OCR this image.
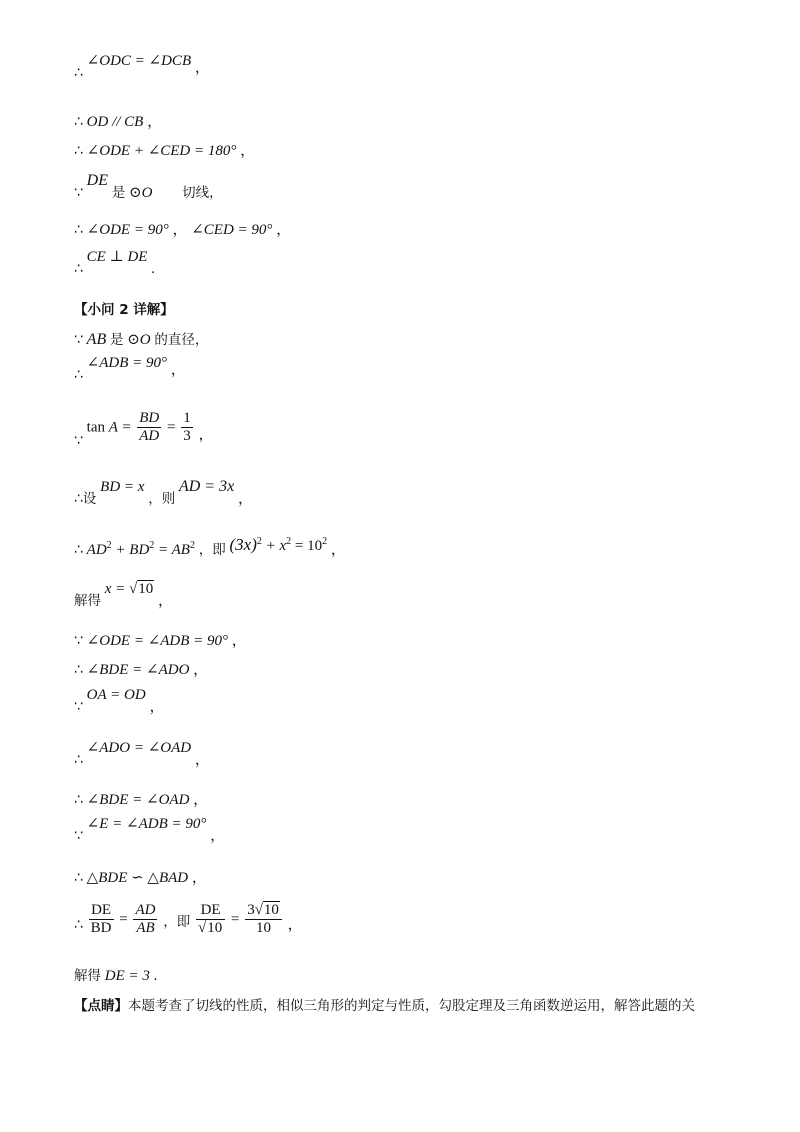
∴ ∠ODC = ∠DCB ，
∴ OD // CB ，
∴ ∠ODE + ∠CED = 180° ，
∵ DE 是 ⊙O 切线，
∴ ∠ODE = 90° ， ∠CED = 90° ，
∴ CE ⊥ DE .
【小问 2 详解】
∵ AB 是 ⊙O 的直径，
∴ ∠ADB = 90° ，
∵ $\tan A = \frac{BD}{AD} = \frac{1}{3}$ ，
∴设 BD = x ，则 AD = 3x ，
∴ $AD^2 + BD^2 = AB^2$ ，即 $(3x)^2 + x^2 = 10^2$ ，
解得 x = √10 ，
∵ ∠ODE = ∠ADB = 90° ，
∴ ∠BDE = ∠ADO ，
∵ OA = OD ，
∴ ∠ADO = ∠OAD ，
∴ ∠BDE = ∠OAD ，
∵ ∠E = ∠ADB = 90° ，
∴ △BDE ∽ △BAD ，
∴ $\frac{DE}{BD} = \frac{AD}{AB}$ ，即 $\frac{DE}{√10} = \frac{3√10}{10}$ ，
解得 DE = 3 .
【点睛】本题考查了切线的性质，相似三角形的判定与性质，勾股定理及三角函数逆运用，解答此题的关
